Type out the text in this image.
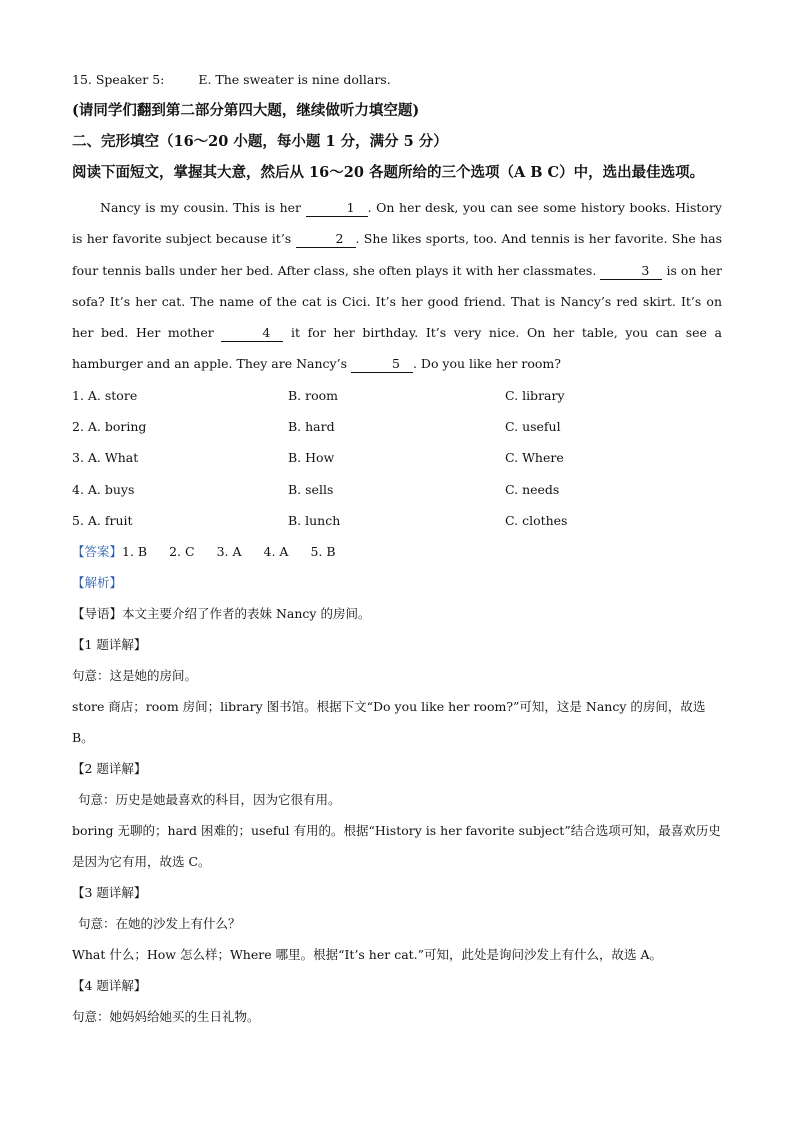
15. Speaker 5:	E. The sweater is nine dollars.
(请同学们翻到第二部分第四大题，继续做听力填空题)
二、完形填空（16～20 小题，每小题 1 分，满分 5 分）
阅读下面短文，掌握其大意，然后从 16～20 各题所给的三个选项（A B C）中，选出最佳选项。
Nancy is my cousin. This is her	1 . On her desk, you can see some history books. History is her favorite subject because it’s	2 . She likes sports, too. And tennis is her favorite. She has four tennis balls under her bed. After class, she often plays it with her classmates.	3 is on her sofa? It’s her cat. The name of the cat is Cici. It’s her good friend. That is Nancy’s red skirt. It’s on her bed. Her mother	4 it for her birthday. It’s very nice. On her table, you can see a hamburger and an apple. They are Nancy’s	5 . Do you like her room?
1. A. store	B. room	C. library
2. A. boring	B. hard	C. useful
3. A. What	B. How	C. Where
4. A. buys	B. sells	C. needs
5. A. fruit	B. lunch	C. clothes
【答案】1. B 2. C 3. A 4. A 5. B
【解析】
【导语】本文主要介绍了作者的表妹 Nancy 的房间。
【1 题详解】
句意：这是她的房间。
store 商店；room 房间；library 图书馆。根据下文“Do you like her room?”可知，这是 Nancy 的房间，故选 B。
【2 题详解】
句意：历史是她最喜欢的科目，因为它很有用。
boring 无聊的；hard 困难的；useful 有用的。根据“History is her favorite subject”结合选项可知，最喜欢历史是因为它有用，故选 C。
【3 题详解】
句意：在她的沙发上有什么？
What 什么；How 怎么样；Where 哪里。根据“It’s her cat.”可知，此处是询问沙发上有什么，故选 A。
【4 题详解】
句意：她妈妈给她买的生日礼物。
